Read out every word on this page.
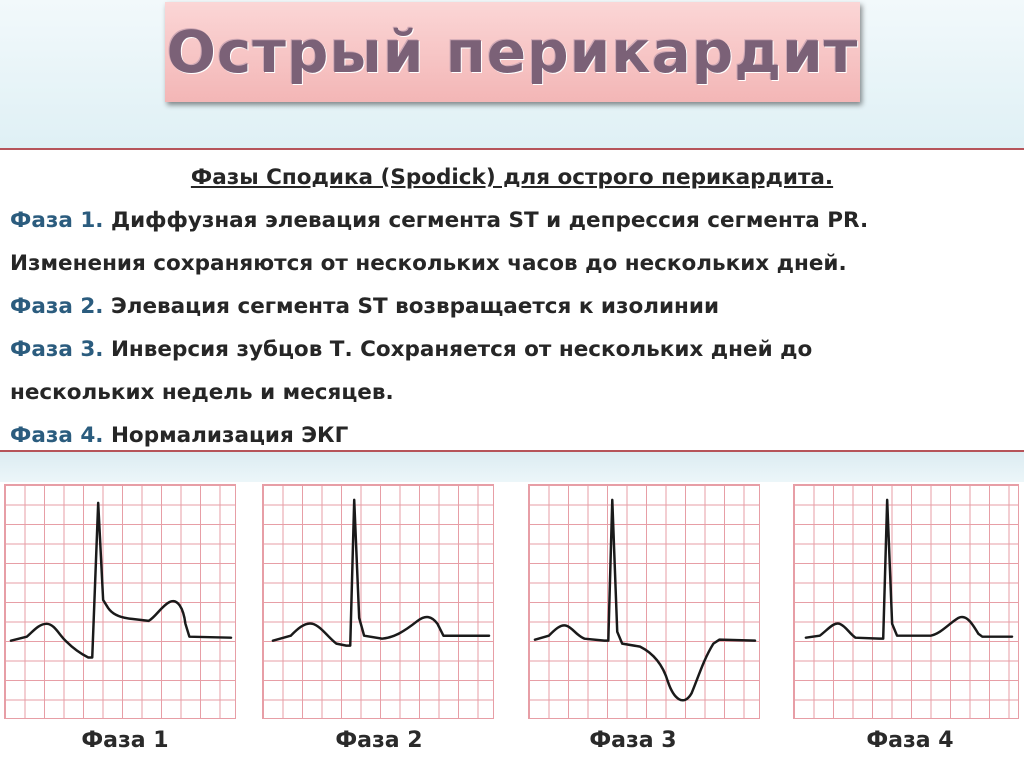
Острый перикардит
Фазы Сподика (Spodick) для острого перикардита.
Фаза 1. Диффузная элевация сегмента ST и депрессия сегмента PR.
Изменения сохраняются от нескольких часов до нескольких дней.
Фаза 2. Элевация сегмента ST возвращается к изолинии
Фаза 3. Инверсия зубцов Т. Сохраняется от нескольких дней до
нескольких недель и месяцев.
Фаза 4. Нормализация ЭКГ
Фаза 1	Фаза 2	Фаза 3	Фаза 4
